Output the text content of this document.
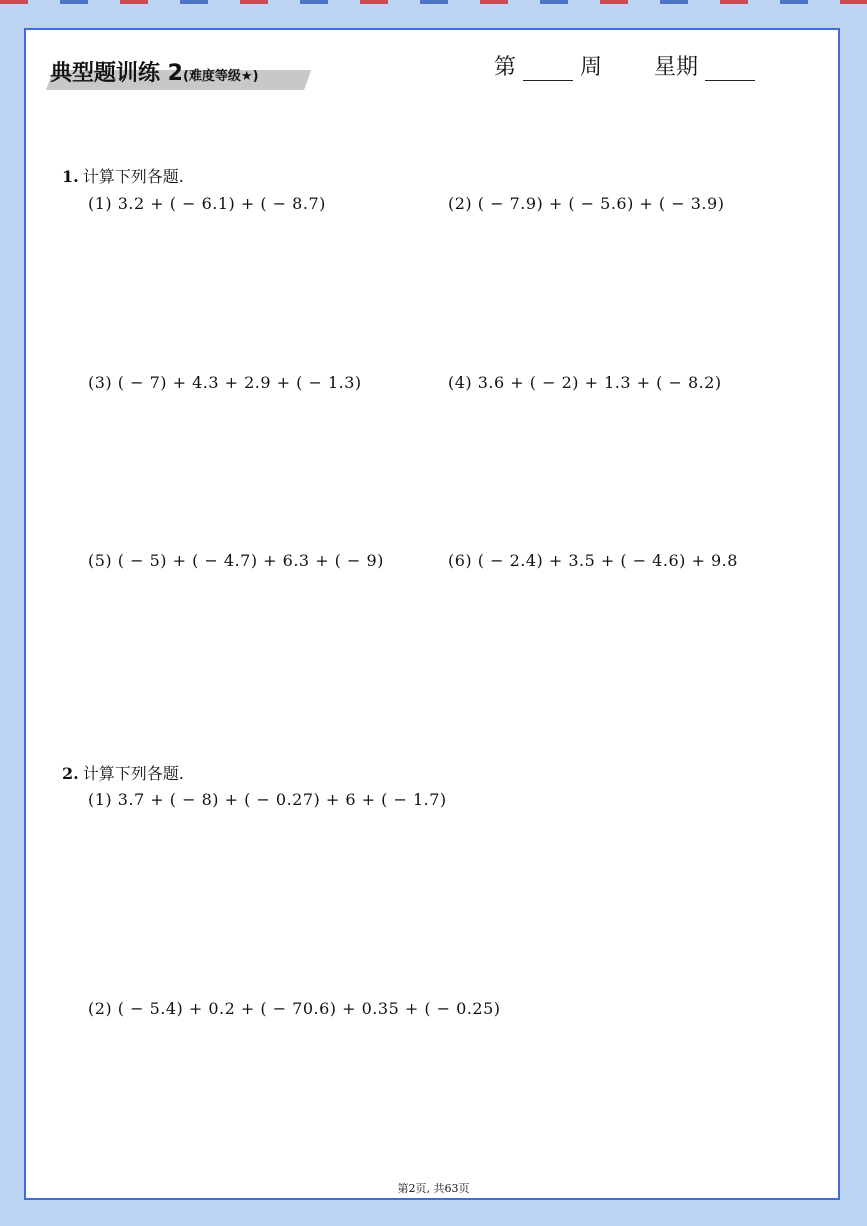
典型题训练 2(难度等级★)	第	周 星期
1. 计算下列各题.
(1) 3.2 + ( − 6.1) + ( − 8.7)	(2) ( − 7.9) + ( − 5.6) + ( − 3.9)
(3) ( − 7) + 4.3 + 2.9 + ( − 1.3)	(4) 3.6 + ( − 2) + 1.3 + ( − 8.2)
(5) ( − 5) + ( − 4.7) + 6.3 + ( − 9)	(6) ( − 2.4) + 3.5 + ( − 4.6) + 9.8
2. 计算下列各题.
(1) 3.7 + ( − 8) + ( − 0.27) + 6 + ( − 1.7)
(2) ( − 5.4) + 0.2 + ( − 70.6) + 0.35 + ( − 0.25)
第2页, 共63页
